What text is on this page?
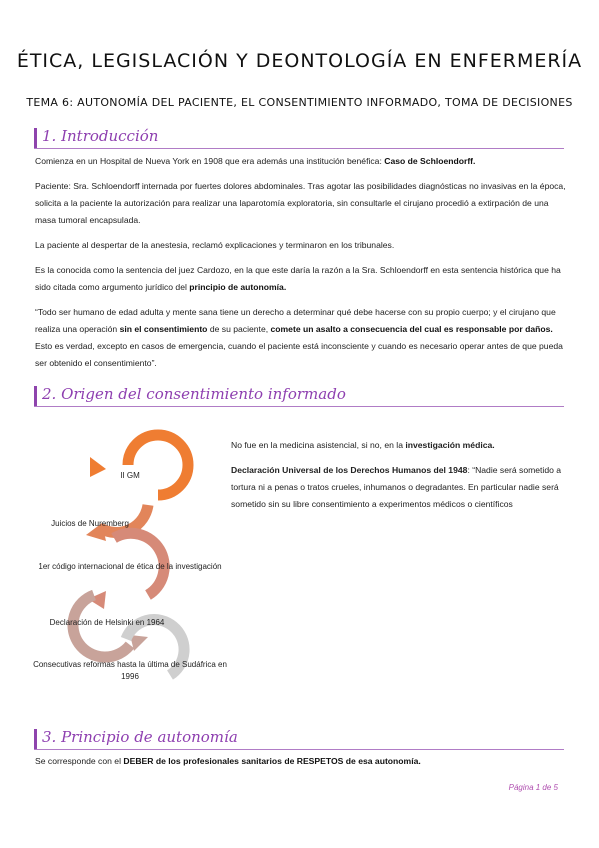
ÉTICA, LEGISLACIÓN Y DEONTOLOGÍA EN ENFERMERÍA
TEMA 6: AUTONOMÍA DEL PACIENTE, EL CONSENTIMIENTO INFORMADO, TOMA DE DECISIONES
1. Introducción

Comienza en un Hospital de Nueva York en 1908 que era además una institución benéfica: Caso de Schloendorff.

Paciente: Sra. Schloendorff internada por fuertes dolores abdominales. Tras agotar las posibilidades diagnósticas no invasivas en la época, solicita a la paciente la autorización para realizar una laparotomía exploratoria, sin consultarle el cirujano procedió a extirpación de una masa tumoral encapsulada.

La paciente al despertar de la anestesia, reclamó explicaciones y terminaron en los tribunales.

Es la conocida como la sentencia del juez Cardozo, en la que este daría la razón a la Sra. Schloendorff en esta sentencia histórica que ha sido citada como argumento jurídico del principio de autonomía.

“Todo ser humano de edad adulta y mente sana tiene un derecho a determinar qué debe hacerse con su propio cuerpo; y el cirujano que realiza una operación sin el consentimiento de su paciente, comete un asalto a consecuencia del cual es responsable por daños. Esto es verdad, excepto en casos de emergencia, cuando el paciente está inconsciente y cuando es necesario operar antes de que pueda ser obtenido el consentimiento”.

2. Origen del consentimiento informado
II GM
Juicios de Nuremberg
1er código internacional de ética de la investigación
Declaración de Helsinki en 1964
Consecutivas reformas hasta la última de Sudáfrica en 1996

No fue en la medicina asistencial, si no, en la investigación médica.

Declaración Universal de los Derechos Humanos del 1948: “Nadie será sometido a tortura ni a penas o tratos crueles, inhumanos o degradantes. En particular nadie será sometido sin su libre consentimiento a experimentos médicos o científicos

3. Principio de autonomía

Se corresponde con el DEBER de los profesionales sanitarios de RESPETOS de esa autonomía.

Página 1 de 5
